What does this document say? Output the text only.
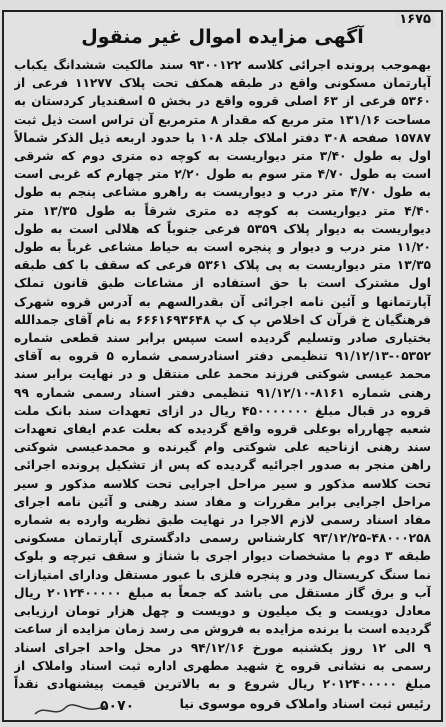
۱۶۷۵
آگهی مزایده اموال غیر منقول
بهموجب پرونده اجرائی کلاسه ۹۳۰۰۱۲۲ سند مالکیت ششدانگ یکباب آپارتمان مسکونی واقع در طبقه همکف تحت پلاک ۱۱۲۷۷ فرعی از ۵۳۶۰ فرعی از ۶۳ اصلی قروه واقع در بخش ۵ اسفندیار کردستان به مساحت ۱۳۱/۱۶ متر مربع که مقدار ۸ مترمربع آن تراس است ذیل ثبت ۱۵۷۸۷ صفحه ۳۰۸ دفتر املاک جلد ۱۰۸ با حدود اربعه ذیل الذکر شمالاً اول به طول ۳/۴۰ متر دیواریست به کوچه ده متری دوم که شرقی است به طول ۴/۷۰ متر سوم به طول ۲/۲۰ متر چهارم که غربی است به طول ۴/۷۰ متر درب و دیواریست به راهرو مشاعی پنجم به طول ۴/۴۰ متر دیواریست به کوچه ده متری شرقاً به طول ۱۳/۳۵ متر دیواریست به دیوار پلاک ۵۳۵۹ فرعی جنوباً که هلالی است به طول ۱۱/۲۰ متر درب و دیوار و پنجره است به حیاط مشاعی غرباً به طول ۱۳/۳۵ متر دیواریست به پی پلاک ۵۳۶۱ فرعی که سقف با کف طبقه اول مشترک است با حق استفاده از مشاعات طبق قانون تملک آپارتمانها و آئین نامه اجرائی آن بقدرالسهم به آدرس قروه شهرک فرهنگیان خ قرآن ک اخلاص پ ک پ ۶۶۶۱۶۹۳۶۴۸ به نام آقای جمدالله بختیاری صادر وتسلیم گردیده است سپس برابر سند قطعی شماره ۰۵۳۵۲-۹۱/۱۲/۱۳ تنظیمی دفتر اسنادرسمی شماره ۵ قروه به آقای محمد عیسی شوکتی فرزند محمد علی منتقل و در نهایت برابر سند رهنی شماره ۸۱۶۱-۹۱/۱۲/۱۰ تنظیمی دفتر اسناد رسمی شماره ۹۹ قروه در قبال مبلغ ۴۵۰۰۰۰۰۰۰ ریال در ازای تعهدات سند بانک ملت شعبه چهارراه بوعلی قروه واقع گردیده که بعلت عدم ایفای تعهدات سند رهنی ازناحیه علی شوکتی وام گیرنده و محمدعیسی شوکتی راهن منجر به صدور اجرائیه گردیده که پس از تشکیل پرونده اجرائی تحت کلاسه مذکور و سیر مراحل اجرایی تحت کلاسه مذکور و سیر مراحل اجرایی برابر مقررات و مفاد سند رهنی و آئین نامه اجرای مفاد اسناد رسمی لازم الاجرا در نهایت طبق نظریه وارده به شماره ۴۸۰۰۰۲۵۸-۹۳/۱۲/۲۵ کارشناس رسمی دادگستری آپارتمان مسکونی طبقه ۳ دوم با مشخصات دیوار اجری با شناژ و سقف تیرچه و بلوک نما سنگ کریستال ودر و پنجره فلزی با عبور مستقل ودارای امتیازات آب و برق گاز مستقل می باشد که جمعاً به مبلغ ۲۰۱۲۴۰۰۰۰۰ ریال معادل دویست و یک میلیون و دویست و چهل هزار تومان ارزیابی گردیده است با برنده مزایده به فروش می رسد زمان مزایده از ساعت ۹ الی ۱۲ روز یکشنبه مورخ ۹۴/۱۲/۱۶ در محل واحد اجرای اسناد رسمی به نشانی قروه خ شهید مطهری اداره ثبت اسناد واملاک از مبلغ ۲۰۱۲۴۰۰۰۰۰ ریال شروع و به بالاترین قیمت پیشنهادی نقداً
رئیس ثبت اسناد واملاک قروه موسوی نیا
۵۰۷۰
